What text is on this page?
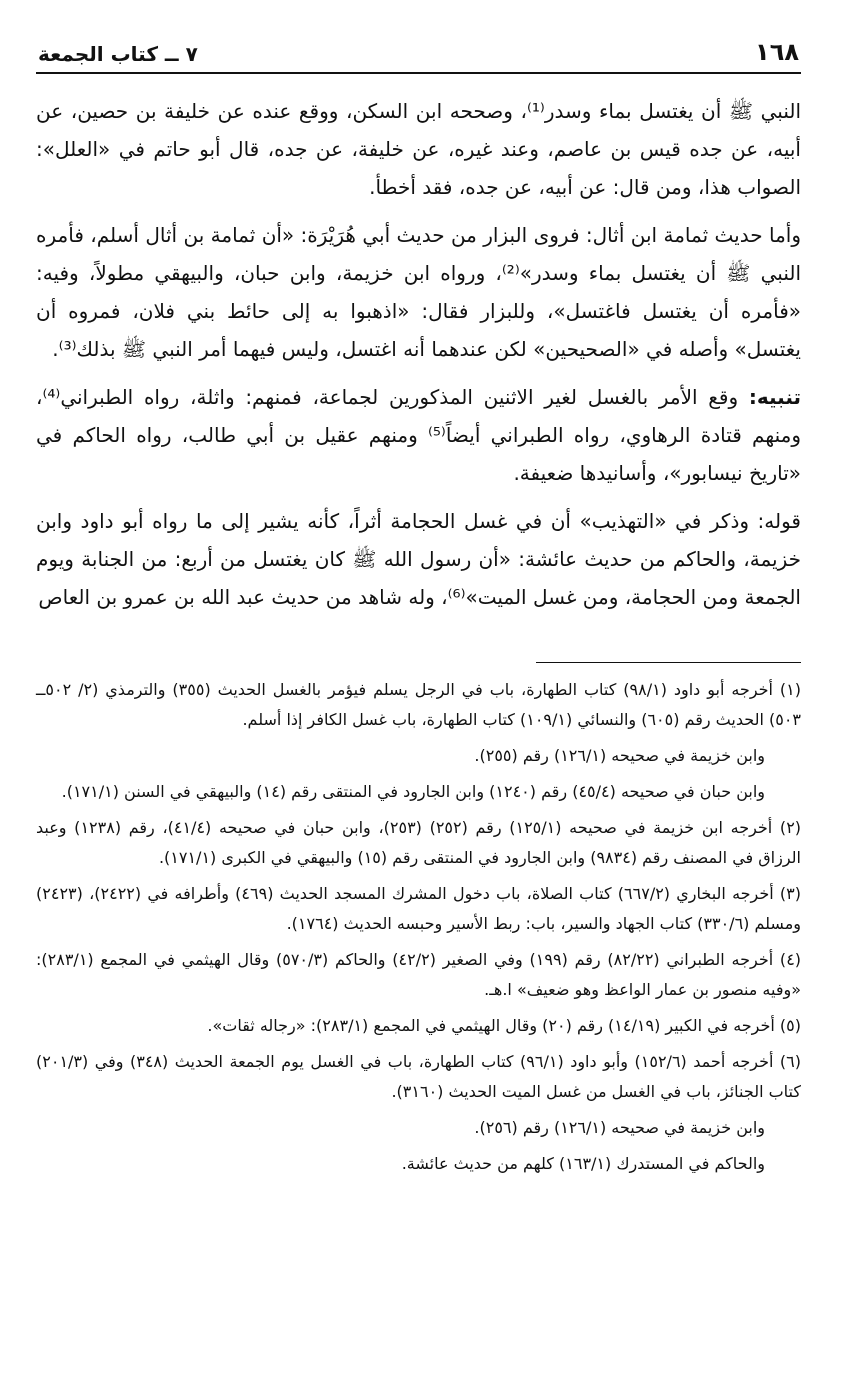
١٦٨
٧ ــ كتاب الجمعة

النبي ﷺ أن يغتسل بماء وسدر⁽¹⁾، وصححه ابن السكن، ووقع عنده عن خليفة بن حصين، عن أبيه، عن جده قيس بن عاصم، وعند غيره، عن خليفة، عن جده، قال أبو حاتم في «العلل»: الصواب هذا، ومن قال: عن أبيه، عن جده، فقد أخطأ.

وأما حديث ثمامة ابن أثال: فروى البزار من حديث أبي هُرَيْرَة: «أن ثمامة بن أثال أسلم، فأمره النبي ﷺ أن يغتسل بماء وسدر»⁽²⁾، ورواه ابن خزيمة، وابن حبان، والبيهقي مطولاً، وفيه: «فأمره أن يغتسل فاغتسل»، وللبزار فقال: «اذهبوا به إلى حائط بني فلان، فمروه أن يغتسل» وأصله في «الصحيحين» لكن عندهما أنه اغتسل، وليس فيهما أمر النبي ﷺ بذلك⁽³⁾.

تنبيه: وقع الأمر بالغسل لغير الاثنين المذكورين لجماعة، فمنهم: واثلة، رواه الطبراني⁽⁴⁾، ومنهم قتادة الرهاوي، رواه الطبراني أيضاً⁽⁵⁾ ومنهم عقيل بن أبي طالب، رواه الحاكم في «تاريخ نيسابور»، وأسانيدها ضعيفة.

قوله: وذكر في «التهذيب» أن في غسل الحجامة أثراً، كأنه يشير إلى ما رواه أبو داود وابن خزيمة، والحاكم من حديث عائشة: «أن رسول الله ﷺ كان يغتسل من أربع: من الجنابة ويوم الجمعة ومن الحجامة، ومن غسل الميت»⁽⁶⁾، وله شاهد من حديث عبد الله بن عمرو بن العاص

(١) أخرجه أبو داود (٩٨/١) كتاب الطهارة، باب في الرجل يسلم فيؤمر بالغسل الحديث (٣٥٥) والترمذي (٢/ ٥٠٢ــ ٥٠٣) الحديث رقم (٦٠٥) والنسائي (١٠٩/١) كتاب الطهارة، باب غسل الكافر إذا أسلم.

وابن خزيمة في صحيحه (١٢٦/١) رقم (٢٥٥).

وابن حبان في صحيحه (٤٥/٤) رقم (١٢٤٠) وابن الجارود في المنتقى رقم (١٤) والبيهقي في السنن (١٧١/١).

(٢) أخرجه ابن خزيمة في صحيحه (١٢٥/١) رقم (٢٥٢) (٢٥٣)، وابن حبان في صحيحه (٤١/٤)، رقم (١٢٣٨) وعبد الرزاق في المصنف رقم (٩٨٣٤) وابن الجارود في المنتقى رقم (١٥) والبيهقي في الكبرى (١٧١/١).

(٣) أخرجه البخاري (٦٦٧/٢) كتاب الصلاة، باب دخول المشرك المسجد الحديث (٤٦٩) وأطرافه في (٢٤٢٢)، (٢٤٢٣) ومسلم (٣٣٠/٦) كتاب الجهاد والسير، باب: ربط الأسير وحبسه الحديث (١٧٦٤).

(٤) أخرجه الطبراني (٨٢/٢٢) رقم (١٩٩) وفي الصغير (٤٢/٢) والحاكم (٥٧٠/٣) وقال الهيثمي في المجمع (٢٨٣/١): «وفيه منصور بن عمار الواعظ وهو ضعيف» ا.هـ.

(٥) أخرجه في الكبير (١٤/١٩) رقم (٢٠) وقال الهيثمي في المجمع (٢٨٣/١): «رجاله ثقات».

(٦) أخرجه أحمد (١٥٢/٦) وأبو داود (٩٦/١) كتاب الطهارة، باب في الغسل يوم الجمعة الحديث (٣٤٨) وفي (٢٠١/٣) كتاب الجنائز، باب في الغسل من غسل الميت الحديث (٣١٦٠).

وابن خزيمة في صحيحه (١٢٦/١) رقم (٢٥٦).

والحاكم في المستدرك (١٦٣/١) كلهم من حديث عائشة.
